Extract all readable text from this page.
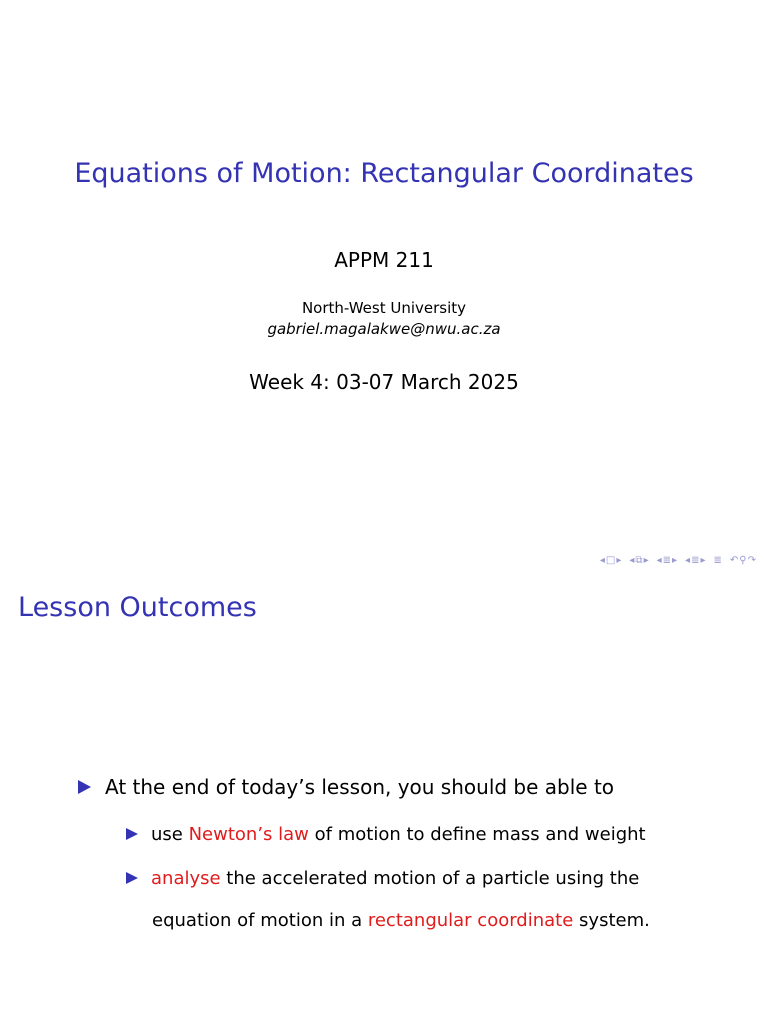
Equations of Motion: Rectangular Coordinates
APPM 211
North-West University
gabriel.magalakwe@nwu.ac.za
Week 4: 03-07 March 2025
◂ □ ▸ ◂ ⧉ ▸ ◂ ≣ ▸ ◂ ≣ ▸ ≣ ↶ ⚲ ↷
Lesson Outcomes
At the end of today’s lesson, you should be able to
use Newton’s law of motion to define mass and weight
analyse the accelerated motion of a particle using the
equation of motion in a rectangular coordinate system.
